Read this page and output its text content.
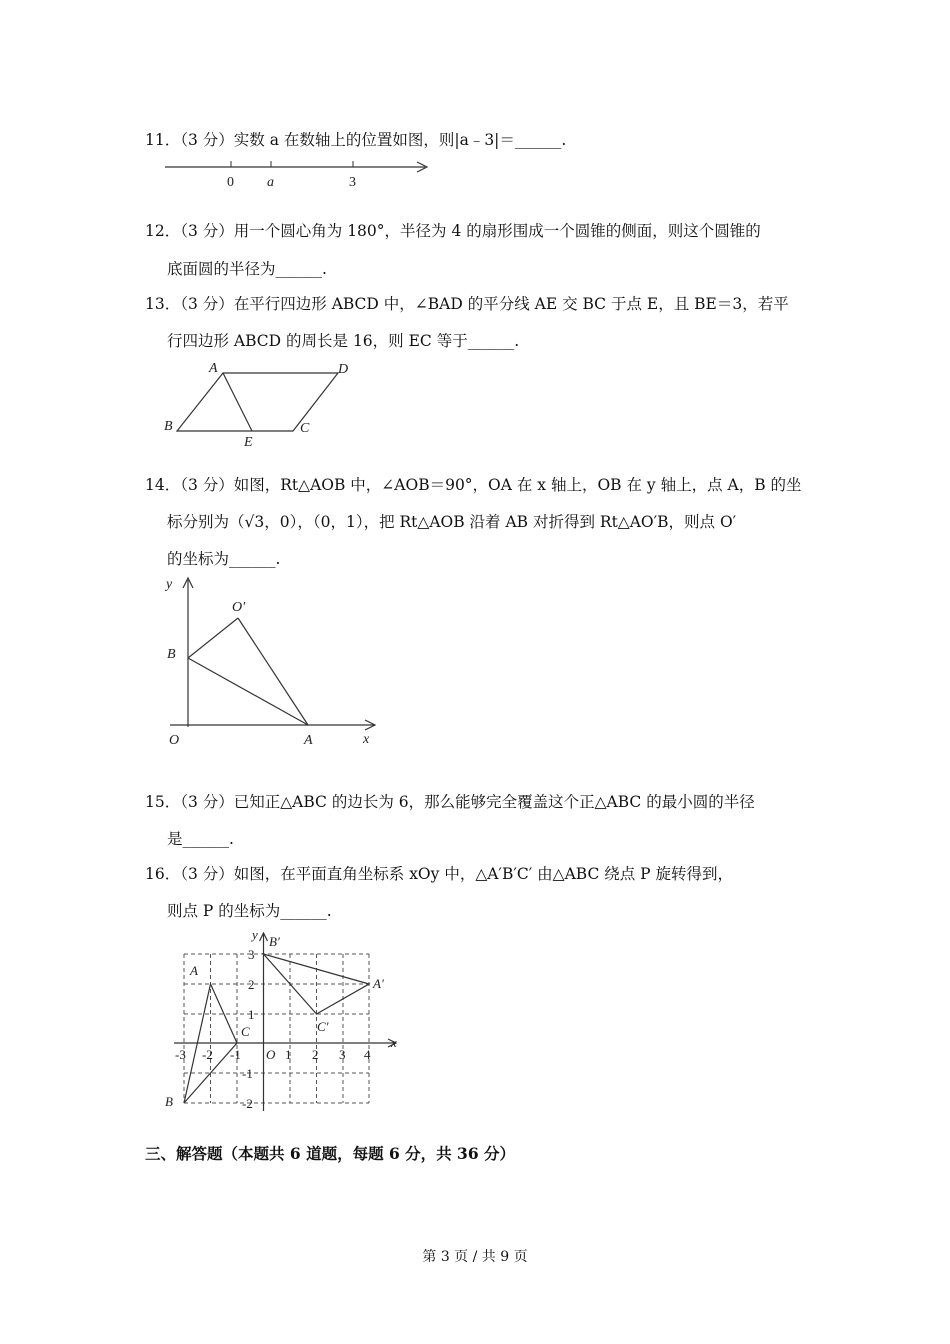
11．（3 分）实数 a 在数轴上的位置如图，则|a﹣3|＝______.
0 a	3
12．（3 分）用一个圆心角为 180°，半径为 4 的扇形围成一个圆锥的侧面，则这个圆锥的
底面圆的半径为______.
13．（3 分）在平行四边形 ABCD 中，∠BAD 的平分线 AE 交 BC 于点 E，且 BE＝3，若平
行四边形 ABCD 的周长是 16，则 EC 等于______.
A	D
B
E
C
14．（3 分）如图，Rt△AOB 中，∠AOB＝90°，OA 在 x 轴上，OB 在 y 轴上，点 A，B 的坐
标分别为（√3，0），（0，1），把 Rt△AOB 沿着 AB 对折得到 Rt△AO′B，则点 O′
的坐标为______.
y
O′
B
O	A	x
15．（3 分）已知正△ABC 的边长为 6，那么能够完全覆盖这个正△ABC 的最小圆的半径
是______.
16．（3 分）如图，在平面直角坐标系 xOy 中，△A′B′C′ 由△ABC 绕点 P 旋转得到，
则点 P 的坐标为______.
y B′
A
A′
C	C′
x
B
-3 -2 -1 O 1 2 3 4
3
2
1
-1
-2
三、解答题（本题共 6 道题，每题 6 分，共 36 分）
第 3 页 / 共 9 页
